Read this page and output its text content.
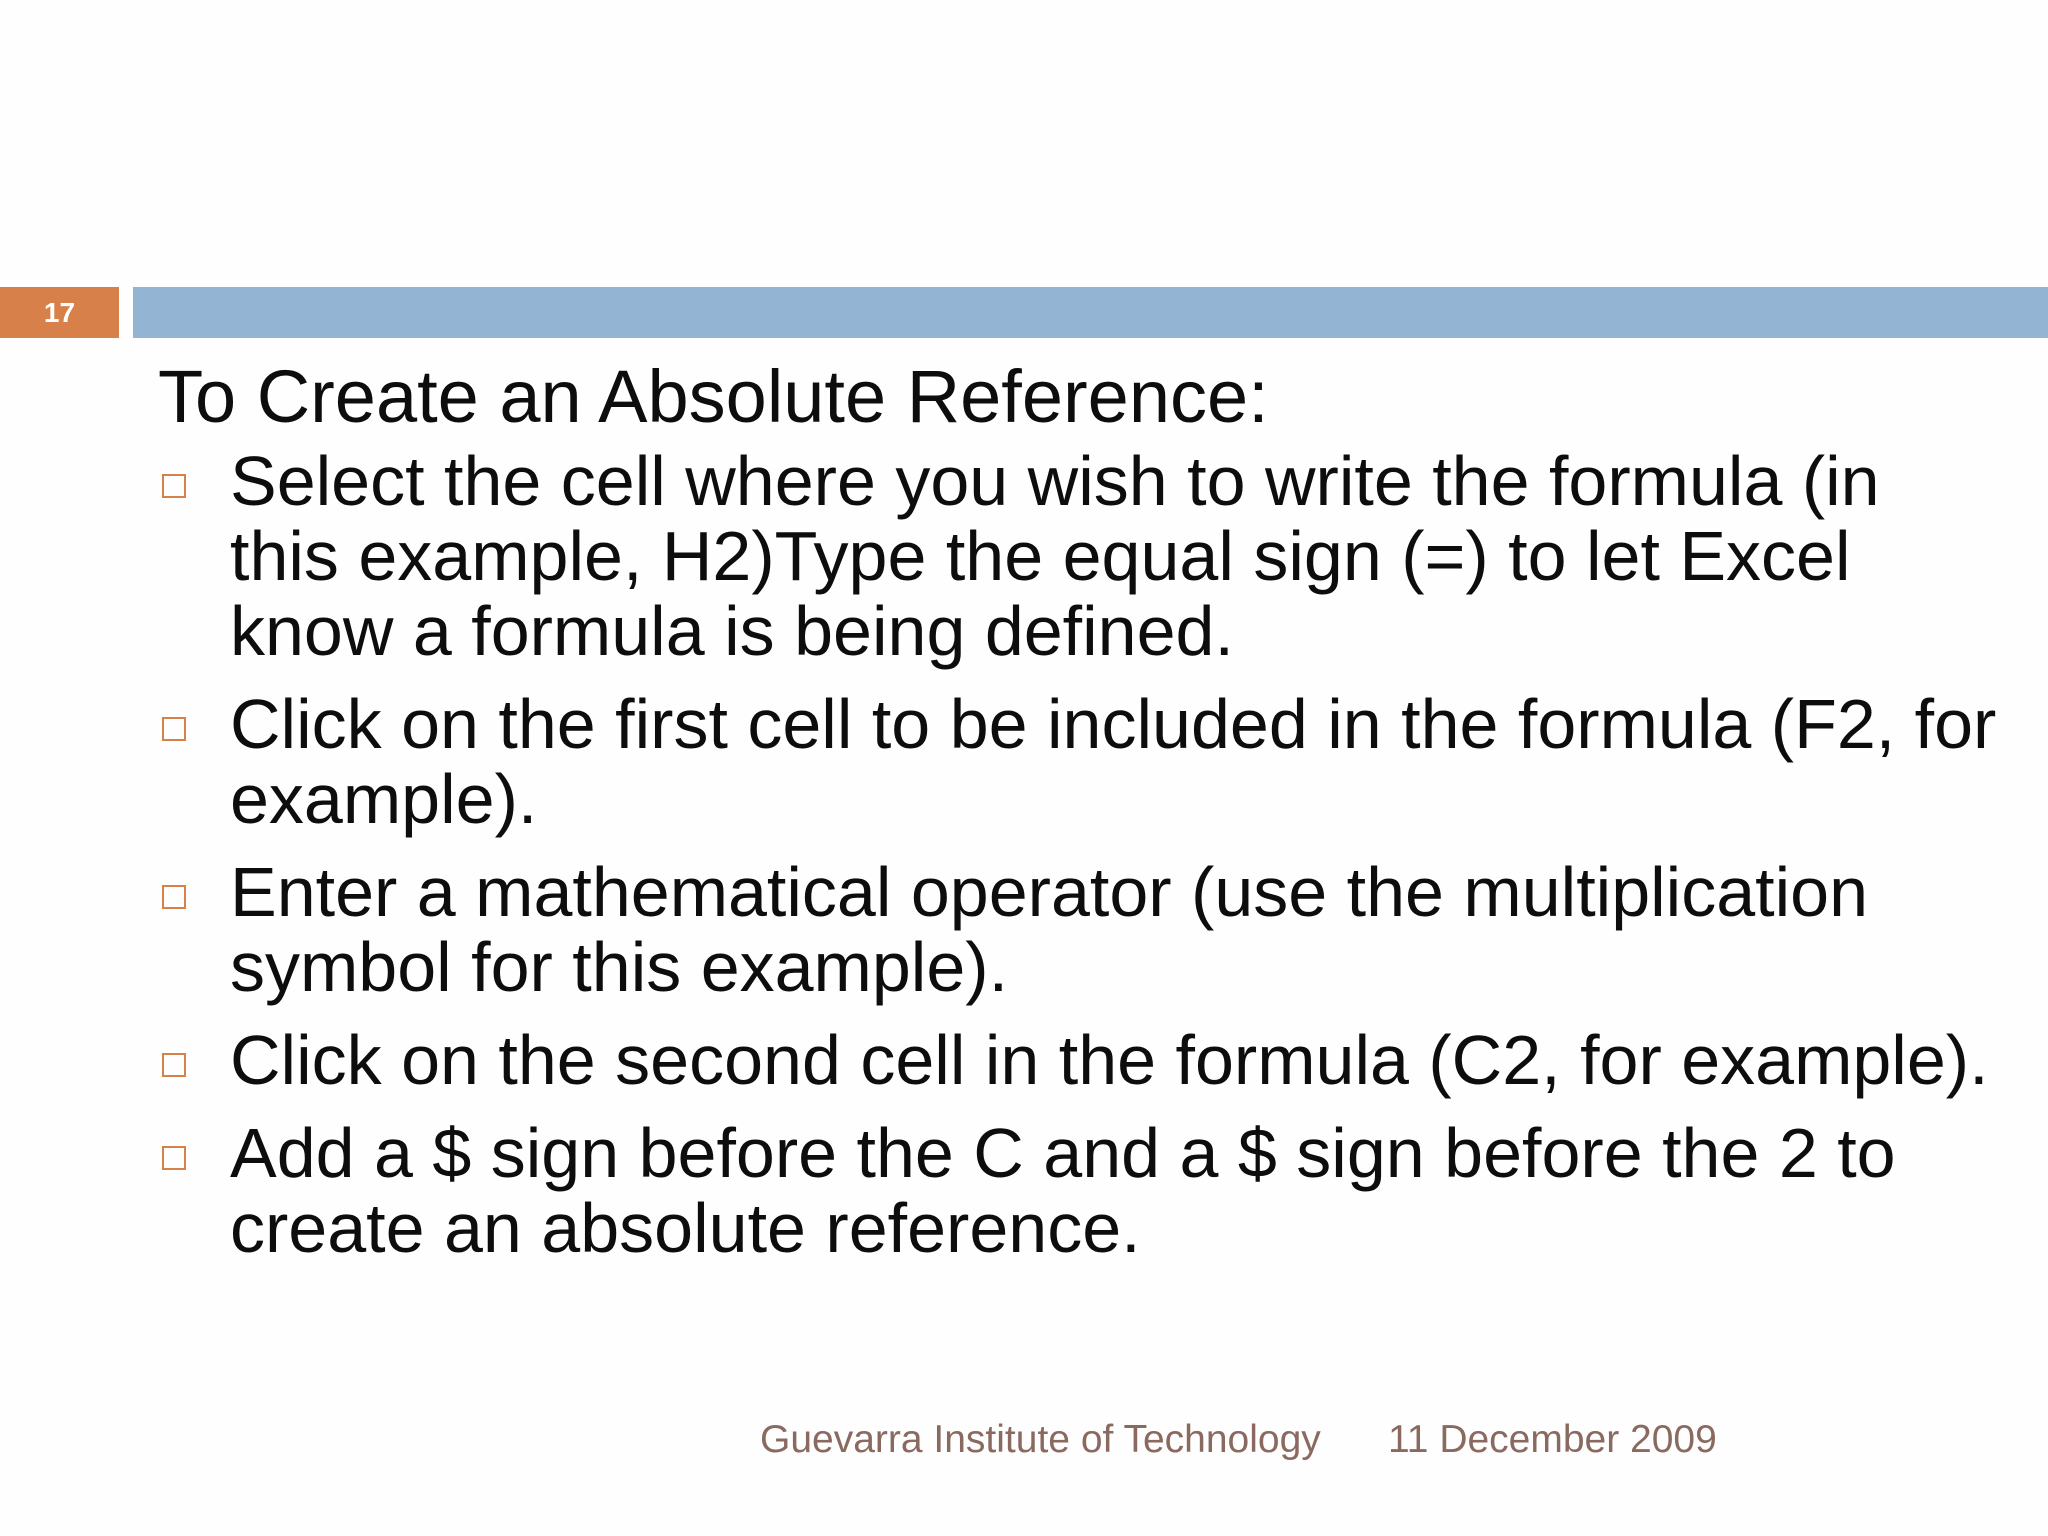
17
To Create an Absolute Reference:
Select the cell where you wish to write the formula (in this example, H2)Type the equal sign (=) to let Excel know a formula is being defined.
Click on the first cell to be included in the formula (F2, for example).
Enter a mathematical operator (use the multiplication symbol for this example).
Click on the second cell in the formula (C2, for example).
Add a $ sign before the C and a $ sign before the 2 to create an absolute reference.
Guevarra Institute of Technology 11 December 2009
